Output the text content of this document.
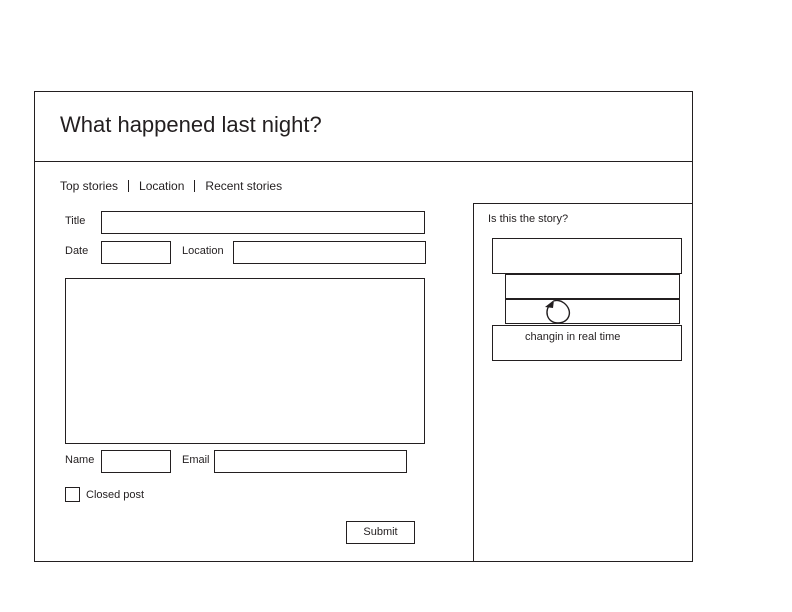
What happened last night?
Top stories Location Recent stories
Title
Date	Location
Name	Email
Closed post
Submit
Is this the story?
changin in real time
